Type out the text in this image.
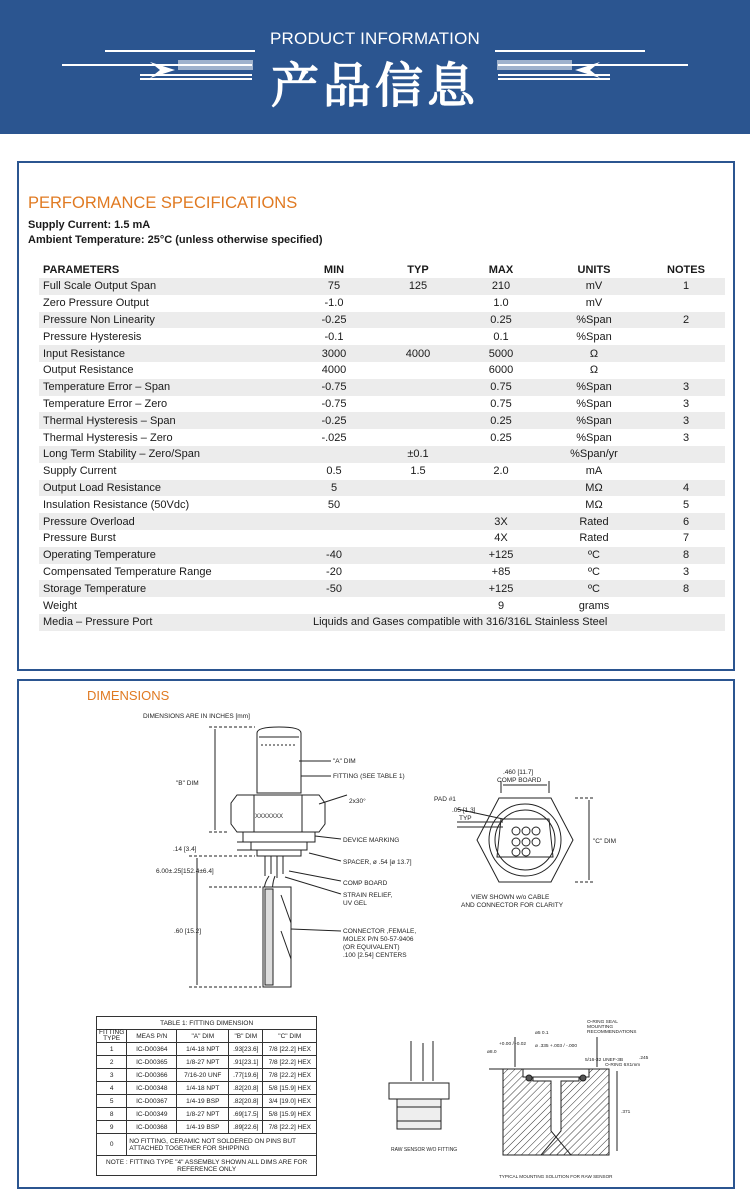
PRODUCT INFORMATION
产品信息
PERFORMANCE SPECIFICATIONS
Supply Current: 1.5 mA
Ambient Temperature: 25°C (unless otherwise specified)
PARAMETERS	MIN	TYP	MAX	UNITS	NOTES
Full Scale Output Span	75	125	210	mV	1
Zero Pressure Output	-1.0		1.0	mV	
Pressure Non Linearity	-0.25		0.25	%Span	2
Pressure Hysteresis	-0.1		0.1	%Span	
Input Resistance	3000	4000	5000	Ω	
Output Resistance	4000		6000	Ω	
Temperature Error – Span	-0.75		0.75	%Span	3
Temperature Error – Zero	-0.75		0.75	%Span	3
Thermal Hysteresis – Span	-0.25		0.25	%Span	3
Thermal Hysteresis – Zero	-.025		0.25	%Span	3
Long Term Stability – Zero/Span		±0.1		%Span/yr	
Supply Current	0.5	1.5	2.0	mA	
Output Load Resistance	5			MΩ	4
Insulation Resistance (50Vdc)	50			MΩ	5
Pressure Overload			3X	Rated	6
Pressure Burst			4X	Rated	7
Operating Temperature	-40		+125	ºC	8
Compensated Temperature Range	-20		+85	ºC	3
Storage Temperature	-50		+125	ºC	8
Weight			9	grams	
Media – Pressure Port	Liquids and Gases compatible with 316/316L Stainless Steel				
DIMENSIONS
DIMENSIONS ARE IN INCHES [mm]
XXXXXXX
"A" DIM
FITTING (SEE TABLE 1)
"B" DIM
2x30°
DEVICE MARKING
.14 [3.4]
SPACER, ø .54 [ø 13.7]
6.00±.25[152.4±6.4]
COMP BOARD
STRAIN RELIEF,
UV GEL
.60 [15.2]	CONNECTOR ,FEMALE,
MOLEX P/N 50-57-9406
(OR EQUIVALENT)
.100 [2.54] CENTERS
.460 [11.7]
COMP BOARD
PAD #1
.05 [1.3]
TYP
"C" DIM
VIEW SHOWN w/o CABLE
AND CONNECTOR FOR CLARITY
RAW SENSOR W/O FITTING
O-RING SEAL
MOUNTING
RECOMMENDATIONS
ø5 0.1
ø8.0
+0.00 / -0.02 ø .335 +.003 / -.000
5/16-32 UNEF-3B	.245
O-RING 6X1mm
.371
TYPICAL MOUNTING SOLUTION FOR RAW SENSOR
TABLE 1: FITTING DIMENSION				
FITTING TYPE	MEAS P/N	"A" DIM	"B" DIM	"C" DIM
1	IC-D00364	1/4-18 NPT	.93[23.6]	7/8 [22.2] HEX
2	IC-D00365	1/8-27 NPT	.91[23.1]	7/8 [22.2] HEX
3	IC-D00366	7/16-20 UNF	.77[19.6]	7/8 [22.2] HEX
4	IC-D00348	1/4-18 NPT	.82[20.8]	5/8 [15.9] HEX
5	IC-D00367	1/4-19 BSP	.82[20.8]	3/4 [19.0] HEX
8	IC-D00349	1/8-27 NPT	.69[17.5]	5/8 [15.9] HEX
9	IC-D00368	1/4-19 BSP	.89[22.6]	7/8 [22.2] HEX
0	NO FITTING, CERAMIC NOT SOLDERED ON PINS BUT ATTACHED TOGETHER FOR SHIPPING			
NOTE : FITTING TYPE "4" ASSEMBLY SHOWN ALL DIMS ARE FOR REFERENCE ONLY				
